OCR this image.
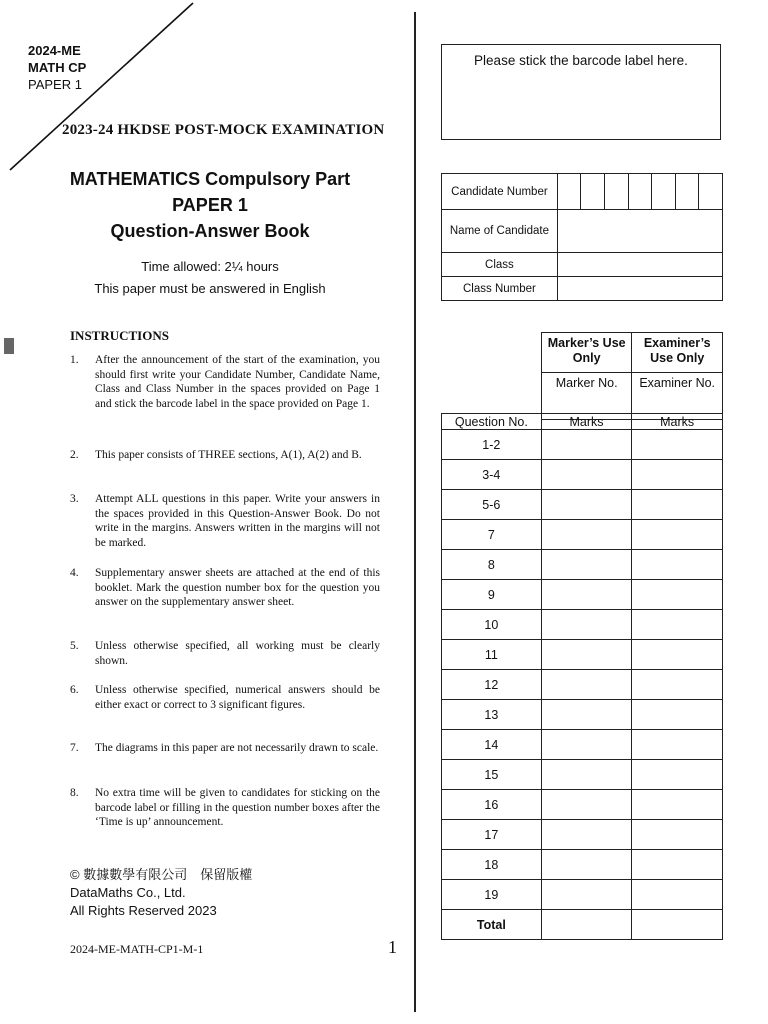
2024-ME
MATH CP
PAPER 1
2023-24 HKDSE POST-MOCK EXAMINATION
MATHEMATICS Compulsory Part
PAPER 1
Question-Answer Book
Time allowed: 2¼ hours
This paper must be answered in English
INSTRUCTIONS
1. After the announcement of the start of the examination, you should first write your Candidate Number, Candidate Name, Class and Class Number in the spaces provided on Page 1 and stick the barcode label in the space provided on Page 1.
2. This paper consists of THREE sections, A(1), A(2) and B.
3. Attempt ALL questions in this paper. Write your answers in the spaces provided in this Question-Answer Book. Do not write in the margins. Answers written in the margins will not be marked.
4. Supplementary answer sheets are attached at the end of this booklet. Mark the question number box for the question you answer on the supplementary answer sheet.
5. Unless otherwise specified, all working must be clearly shown.
6. Unless otherwise specified, numerical answers should be either exact or correct to 3 significant figures.
7. The diagrams in this paper are not necessarily drawn to scale.
8. No extra time will be given to candidates for sticking on the barcode label or filling in the question number boxes after the ‘Time is up’ announcement.
© 數據數學有限公司　保留版權
DataMaths Co., Ltd.
All Rights Reserved 2023
2024-ME-MATH-CP1-M-1	1
Please stick the barcode label here.
Candidate Number							
Name of Candidate							
Class							
Class Number							
Marker’s Use Only	Examiner’s Use Only
Marker No.	Examiner No.
Question No.	Marks	Marks
1-2		
3-4		
5-6		
7		
8		
9		
10		
11		
12		
13		
14		
15		
16		
17		
18		
19		
Total		
